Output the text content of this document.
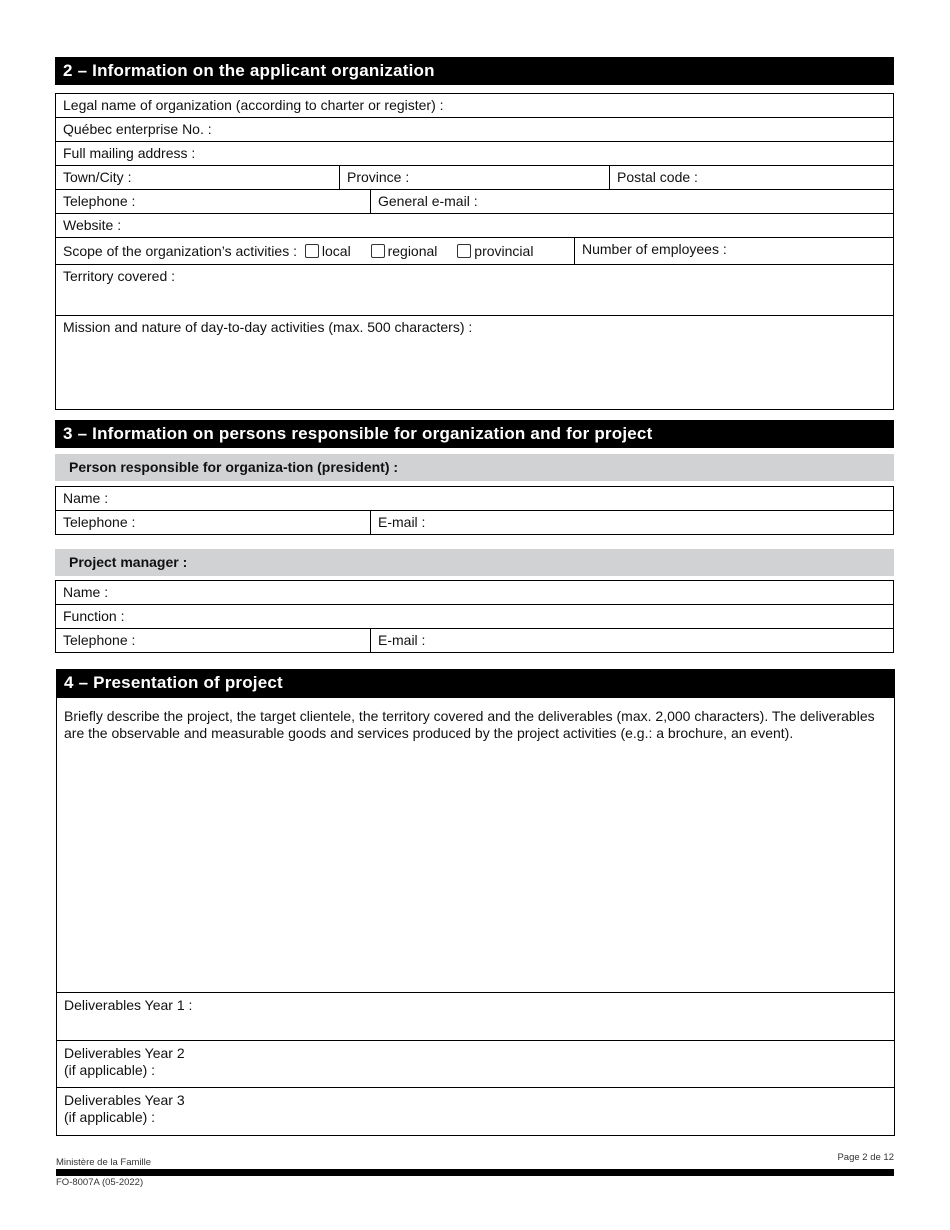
2 – Information on the applicant organization
Legal name of organization (according to charter or register) :
Québec enterprise No. :
Full mailing address :
Town/City :	Province :	Postal code :
Telephone :	General e-mail :
Website :
Scope of the organization’s activities : local	regional	provincial	Number of employees :
Territory covered :
Mission and nature of day-to-day activities (max. 500 characters) :
3 – Information on persons responsible for organization and for project
Person responsible for organiza-tion (president) :
Name :
Telephone :	E-mail :
Project manager :
Name :
Function :
Telephone :	E-mail :
4 – Presentation of project
Briefly describe the project, the target clientele, the territory covered and the deliverables (max. 2,000 characters). The deliverables are the observable and measurable goods and services produced by the project activities (e.g.: a brochure, an event).
Deliverables Year 1 :
Deliverables Year 2
(if applicable) :
Deliverables Year 3
(if applicable) :
Ministère de la Famille	Page 2 de 12
FO-8007A (05-2022)
